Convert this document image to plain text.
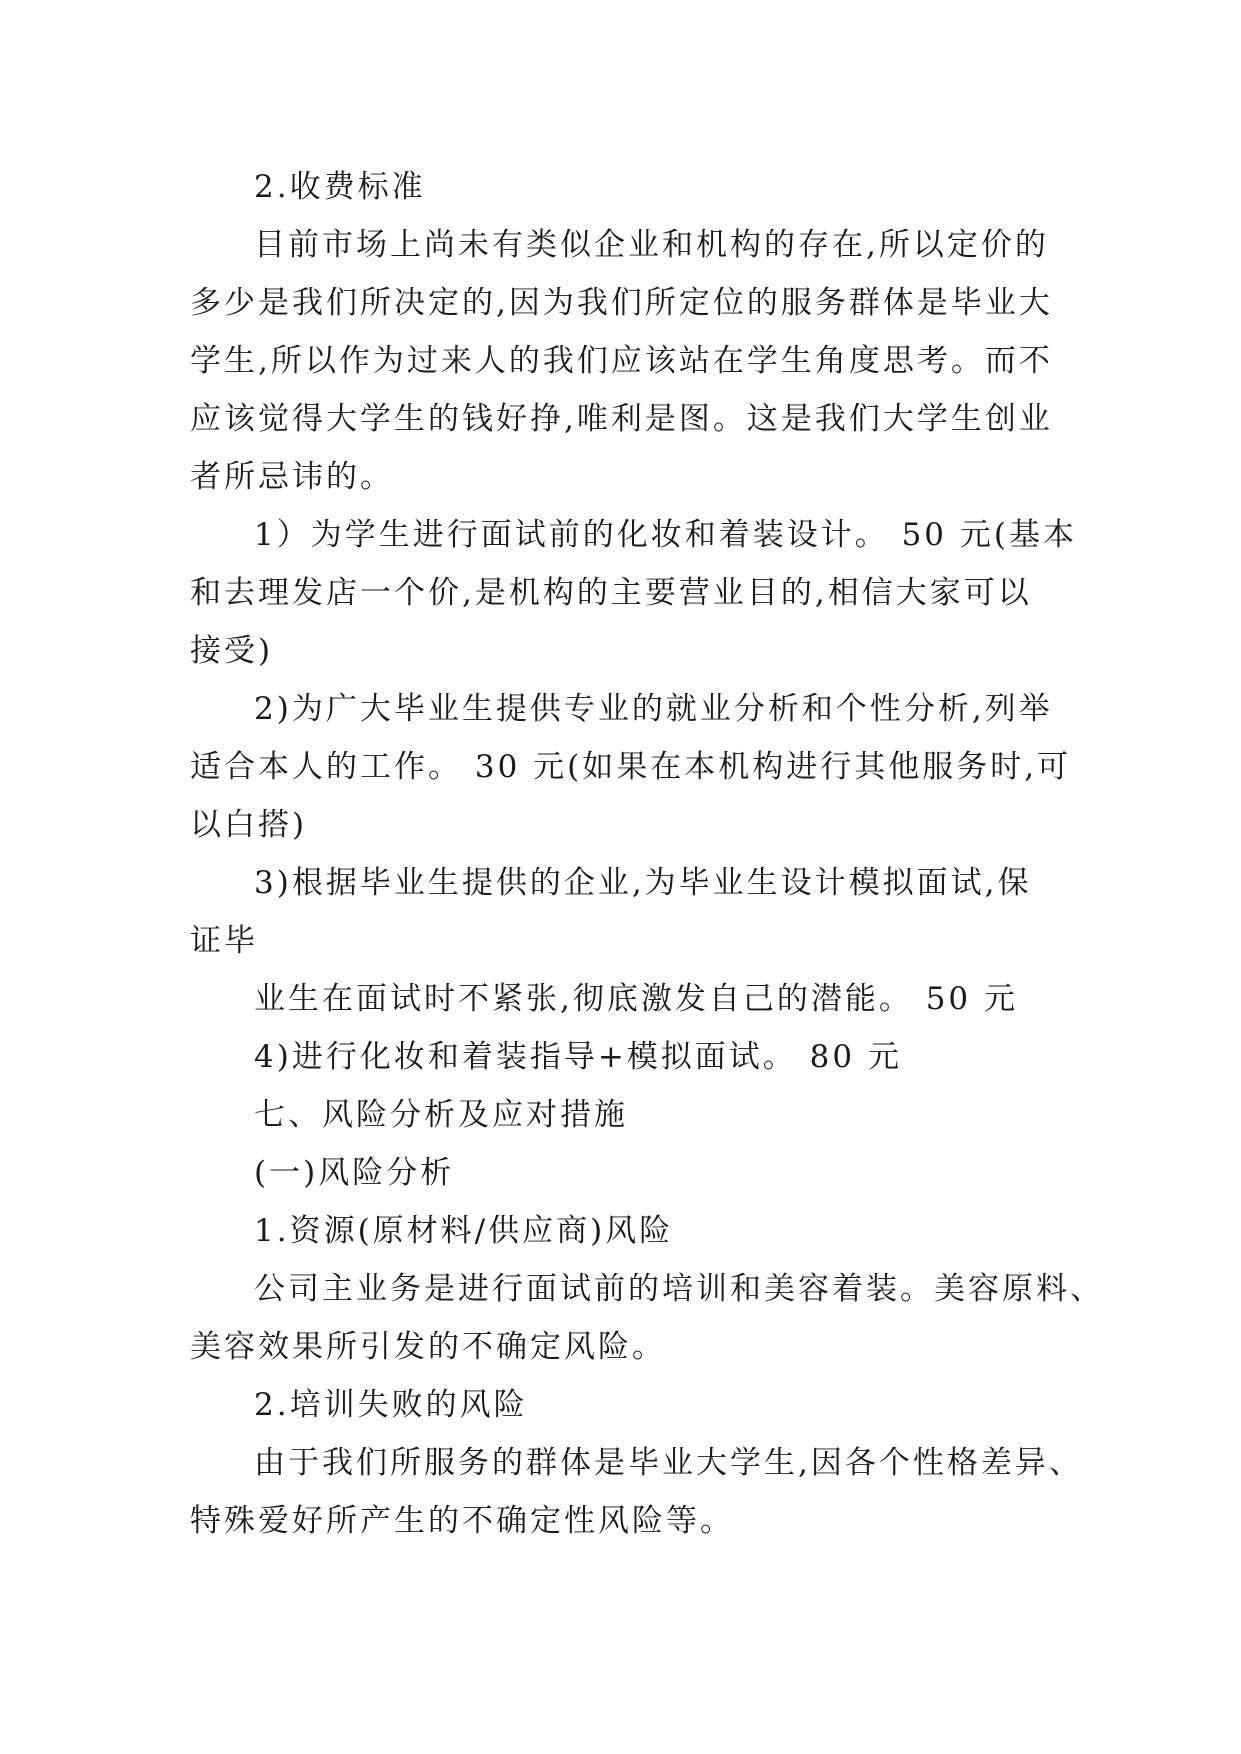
2.收费标准

目前市场上尚未有类似企业和机构的存在,所以定价的

多少是我们所决定的,因为我们所定位的服务群体是毕业大

学生,所以作为过来人的我们应该站在学生角度思考。而不

应该觉得大学生的钱好挣,唯利是图。这是我们大学生创业

者所忌讳的。

1）为学生进行面试前的化妆和着装设计。 50 元(基本

和去理发店一个价,是机构的主要营业目的,相信大家可以

接受)

2)为广大毕业生提供专业的就业分析和个性分析,列举

适合本人的工作。 30 元(如果在本机构进行其他服务时,可

以白搭)

3)根据毕业生提供的企业,为毕业生设计模拟面试,保

证毕

业生在面试时不紧张,彻底激发自己的潜能。 50 元

4)进行化妆和着装指导+模拟面试。 80 元

七、风险分析及应对措施

(一)风险分析

1.资源(原材料/供应商)风险

公司主业务是进行面试前的培训和美容着装。美容原料、

美容效果所引发的不确定风险。

2.培训失败的风险

由于我们所服务的群体是毕业大学生,因各个性格差异、

特殊爱好所产生的不确定性风险等。
